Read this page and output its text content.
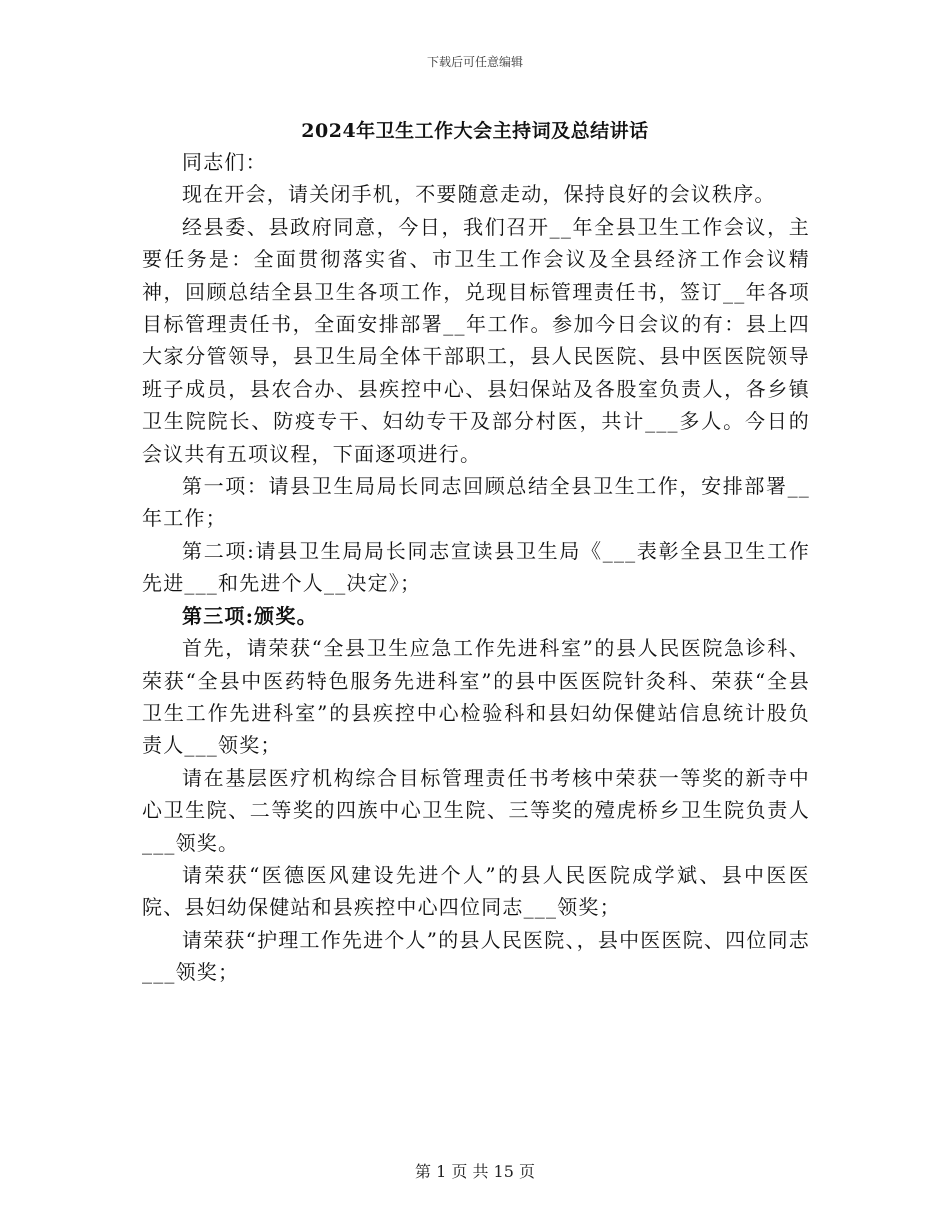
下载后可任意编辑
2024年卫生工作大会主持词及总结讲话

同志们：

现在开会，请关闭手机，不要随意走动，保持良好的会议秩序。

经县委、县政府同意，今日，我们召开__年全县卫生工作会议，主要任务是：全面贯彻落实省、市卫生工作会议及全县经济工作会议精神，回顾总结全县卫生各项工作，兑现目标管理责任书，签订__年各项目标管理责任书，全面安排部署__年工作。参加今日会议的有：县上四大家分管领导，县卫生局全体干部职工，县人民医院、县中医医院领导班子成员，县农合办、县疾控中心、县妇保站及各股室负责人，各乡镇卫生院院长、防疫专干、妇幼专干及部分村医，共计___多人。今日的会议共有五项议程，下面逐项进行。

第一项：请县卫生局局长同志回顾总结全县卫生工作，安排部署__年工作；

第二项:请县卫生局局长同志宣读县卫生局《___表彰全县卫生工作先进___和先进个人__决定》；

第三项:颁奖。

首先，请荣获“全县卫生应急工作先进科室”的县人民医院急诊科、荣获“全县中医药特色服务先进科室”的县中医医院针灸科、荣获“全县卫生工作先进科室”的县疾控中心检验科和县妇幼保健站信息统计股负责人___领奖；

请在基层医疗机构综合目标管理责任书考核中荣获一等奖的新寺中心卫生院、二等奖的四族中心卫生院、三等奖的殪虎桥乡卫生院负责人___领奖。

请荣获“医德医风建设先进个人”的县人民医院成学斌、县中医医院、县妇幼保健站和县疾控中心四位同志___领奖；

请荣获“护理工作先进个人”的县人民医院、，县中医医院、四位同志___领奖；

第 1 页 共 15 页
